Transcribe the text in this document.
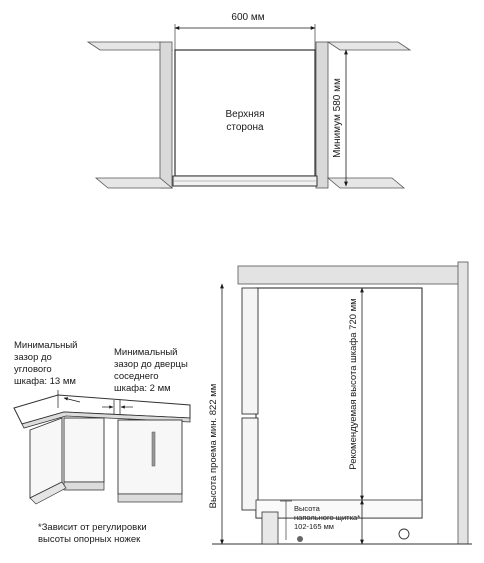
600 мм
Минимум 580 мм
Верхняя
сторона
Высота проема мин. 822 мм	Рекомендуемая высота шкафа 720 мм
Высота
напольного щитка*
102-165 мм
Минимальный
зазор до
углового
шкафа: 13 мм
Минимальный
зазор до дверцы
соседнего
шкафа: 2 мм
*Зависит от регулировки
высоты опорных ножек
